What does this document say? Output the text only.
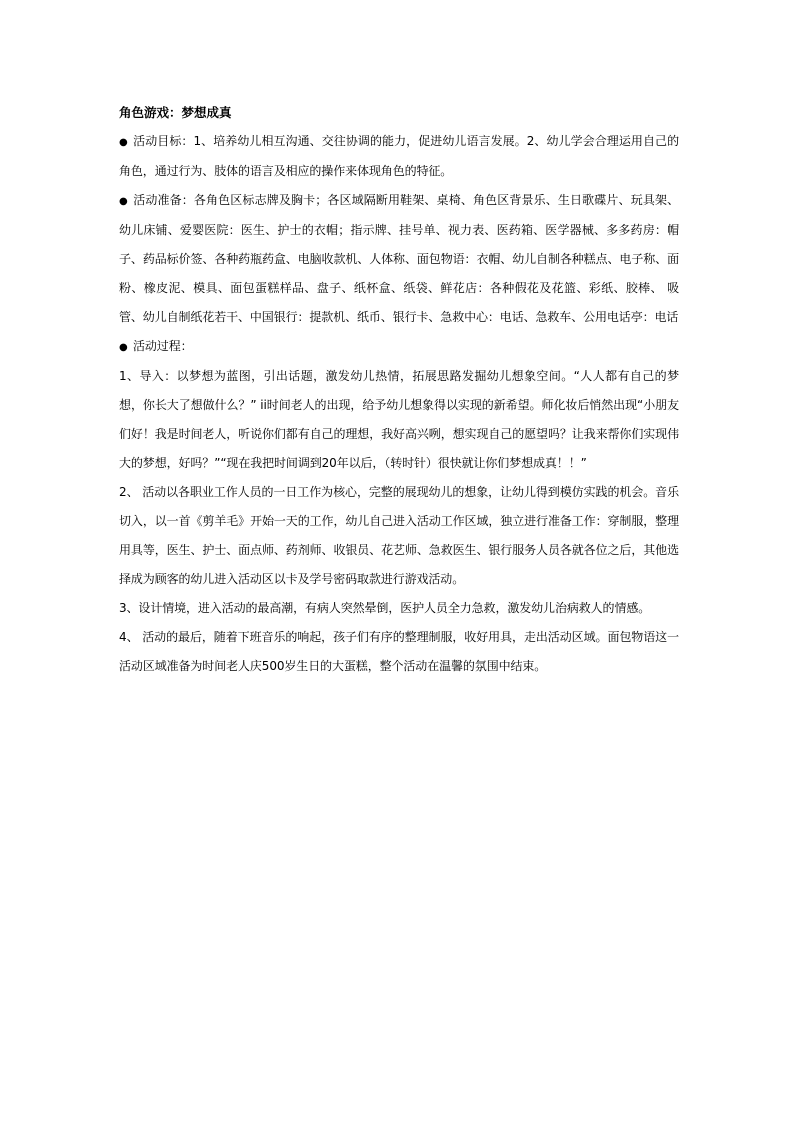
角色游戏：梦想成真

● 活动目标：1、培养幼儿相互沟通、交往协调的能力，促进幼儿语言发展。2、幼儿学会合理运用自己的角色，通过行为、肢体的语言及相应的操作来体现角色的特征。

● 活动准备：各角色区标志牌及胸卡；各区域隔断用鞋架、桌椅、角色区背景乐、生日歌碟片、玩具架、幼儿床铺、爱婴医院：医生、护士的衣帽；指示牌、挂号单、视力表、医药箱、医学器械、多多药房：帽子、药品标价签、各种药瓶药盒、电脑收款机、人体称、面包物语：衣帽、幼儿自制各种糕点、电子称、面粉、橡皮泥、模具、面包蛋糕样品、盘子、纸杯盒、纸袋、鲜花店：各种假花及花篮、彩纸、胶棒、 吸管、幼儿自制纸花若干、中国银行：提款机、纸币、银行卡、急救中心：电话、急救车、公用电话亭：电话

● 活动过程：

1、导入：以梦想为蓝图，引出话题，激发幼儿热情，拓展思路发掘幼儿想象空间。“人人都有自己的梦想，你长大了想做什么？” ii时间老人的出现，给予幼儿想象得以实现的新希望。师化妆后悄然出现“小朋友们好！我是时间老人，听说你们都有自己的理想，我好高兴咧，想实现自己的愿望吗？让我来帮你们实现伟大的梦想，好吗？”“现在我把时间调到20年以后，（转时针）很快就让你们梦想成真！！”

2、 活动以各职业工作人员的一日工作为核心，完整的展现幼儿的想象，让幼儿得到模仿实践的机会。音乐切入，以一首《剪羊毛》开始一天的工作，幼儿自己进入活动工作区域，独立进行准备工作：穿制服，整理用具等，医生、护士、面点师、药剂师、收银员、花艺师、急救医生、银行服务人员各就各位之后，其他选择成为顾客的幼儿进入活动区以卡及学号密码取款进行游戏活动。

3、设计情境，进入活动的最高潮，有病人突然晕倒，医护人员全力急救，激发幼儿治病救人的情感。

4、 活动的最后，随着下班音乐的响起，孩子们有序的整理制服，收好用具，走出活动区域。面包物语这一活动区域准备为时间老人庆500岁生日的大蛋糕，整个活动在温馨的氛围中结束。
